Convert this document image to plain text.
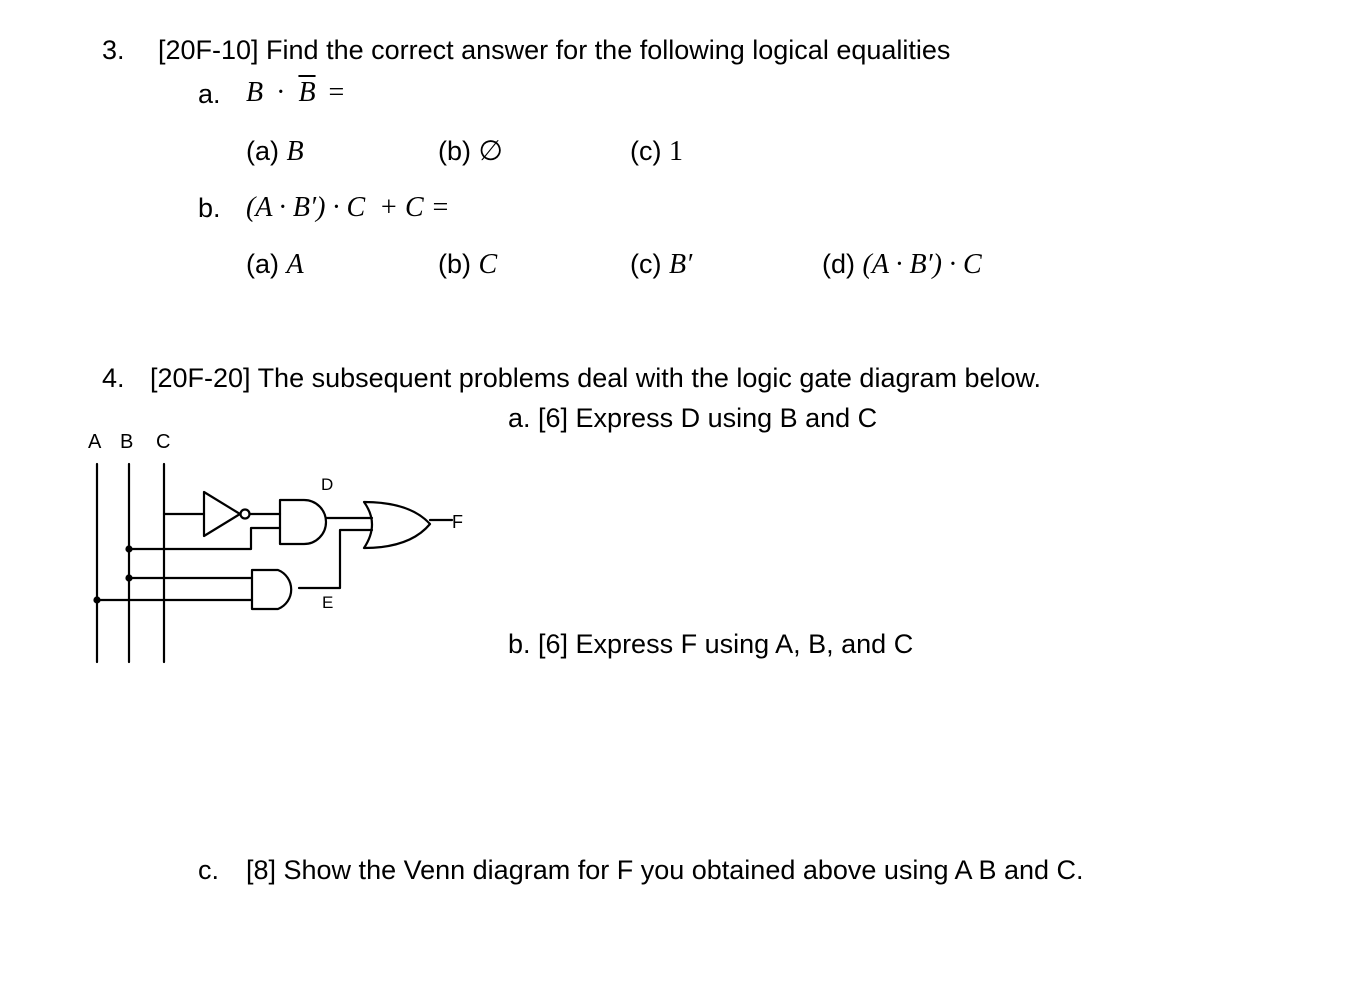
3. [20F-10] Find the correct answer for the following logical equalities
a. $B \cdot \overline{B}$ =
(a) B	(b) ∅	(c) 1
b. (A · B′) · C  + C =
(a) A	(b) C	(c) B′	(d) (A · B′) · C
4. [20F-20] The subsequent problems deal with the logic gate diagram below.
a. [6] Express D using B and C
b. [6] Express F using A, B, and C
c. [8] Show the Venn diagram for F you obtained above using A B and C.
A B C
D
E
F
